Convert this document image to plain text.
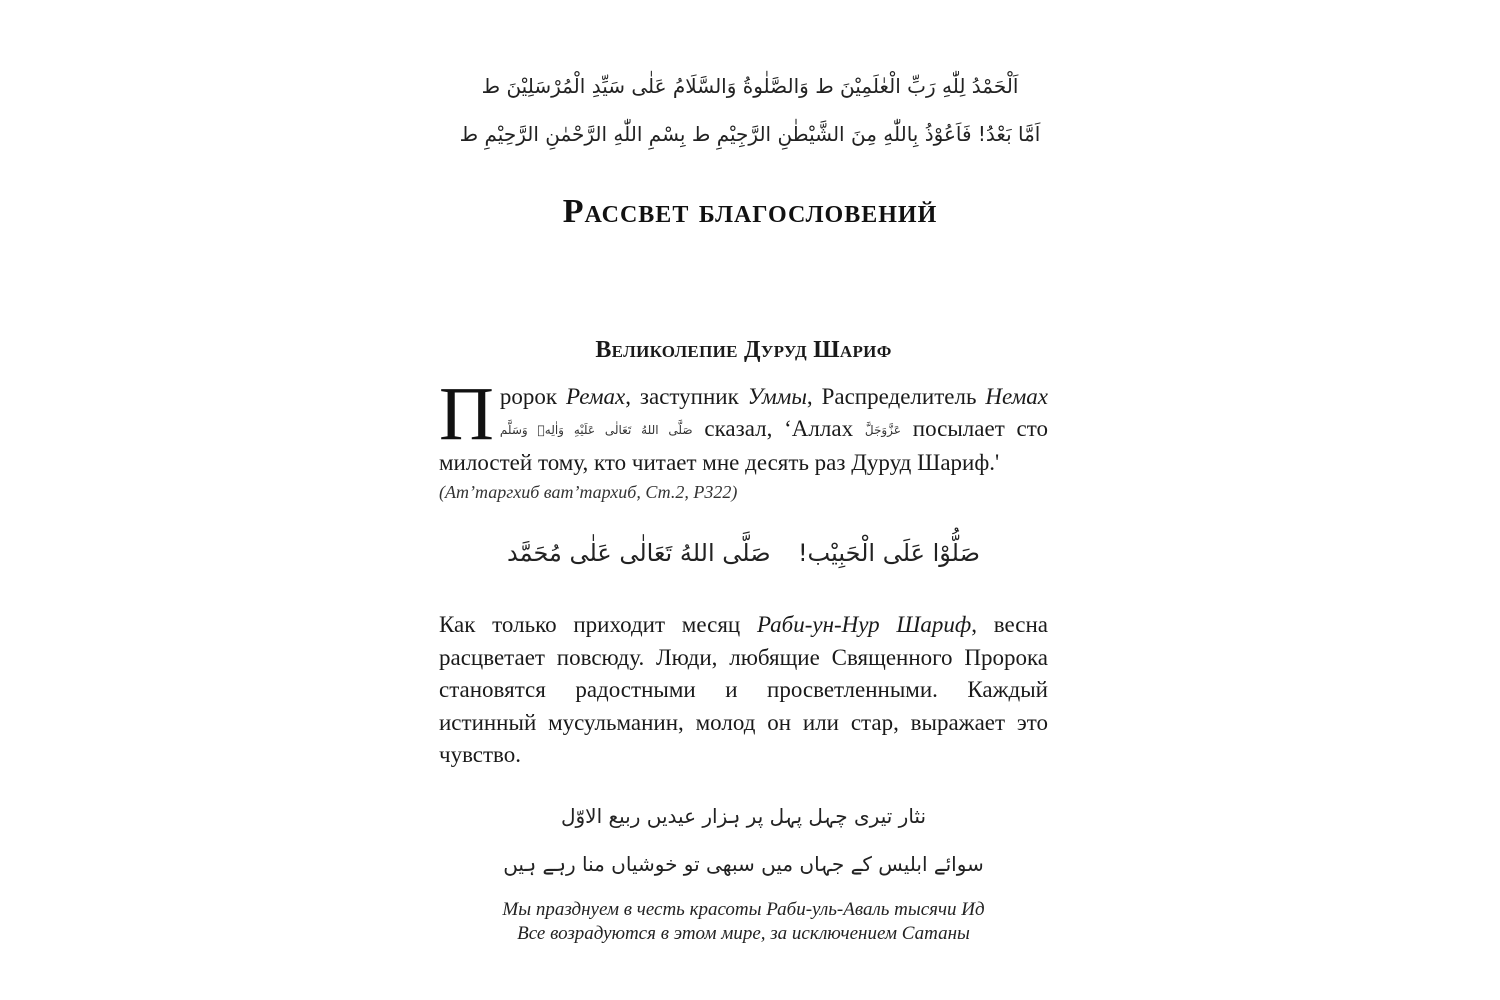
اَلْحَمْدُ لِلّٰهِ رَبِّ الْعٰلَمِيْنَ ط وَالصَّلٰوةُ وَالسَّلَامُ عَلٰى سَيِّدِ الْمُرْسَلِيْنَ ط
اَمَّا بَعْدُ! فَاَعُوْذُ بِاللّٰهِ مِنَ الشَّيْطٰنِ الرَّجِيْمِ ط بِسْمِ اللّٰهِ الرَّحْمٰنِ الرَّحِيْمِ ط
Рассвет благословений
Великолепие Дуруд Шариф

Пророк Ремах, заступник Уммы, Распределитель Немах صَلَّى اللهُ تَعَالٰى عَلَيْهِ وَاٰلِهٖ وَسَلَّم сказал, ‘Аллах عَزَّوَجَلَّ посылает сто милостей тому, кто читает мне десять раз Дуруд Шариф.'

(Ат’таргхиб ват’тархиб, Ст.2, Р322)
صَلُّوْا عَلَى الْحَبِيْب!
صَلَّى اللهُ تَعَالٰى عَلٰى مُحَمَّد

Как только приходит месяц Раби-ун-Нур Шариф, весна расцветает повсюду. Люди, любящие Священного Пророка становятся радостными и просветленными. Каждый истинный мусульманин, молод он или стар, выражает это чувство.

نثار تیری چہل پہل پر ہزار عیدیں ربیع الاوّل
سوائے ابلیس کے جہاں میں سبھی تو خوشیاں منا رہے ہیں
Мы празднуем в честь красоты Раби-уль-Аваль тысячи Ид
Все возрадуются в этом мире, за исключением Сатаны
